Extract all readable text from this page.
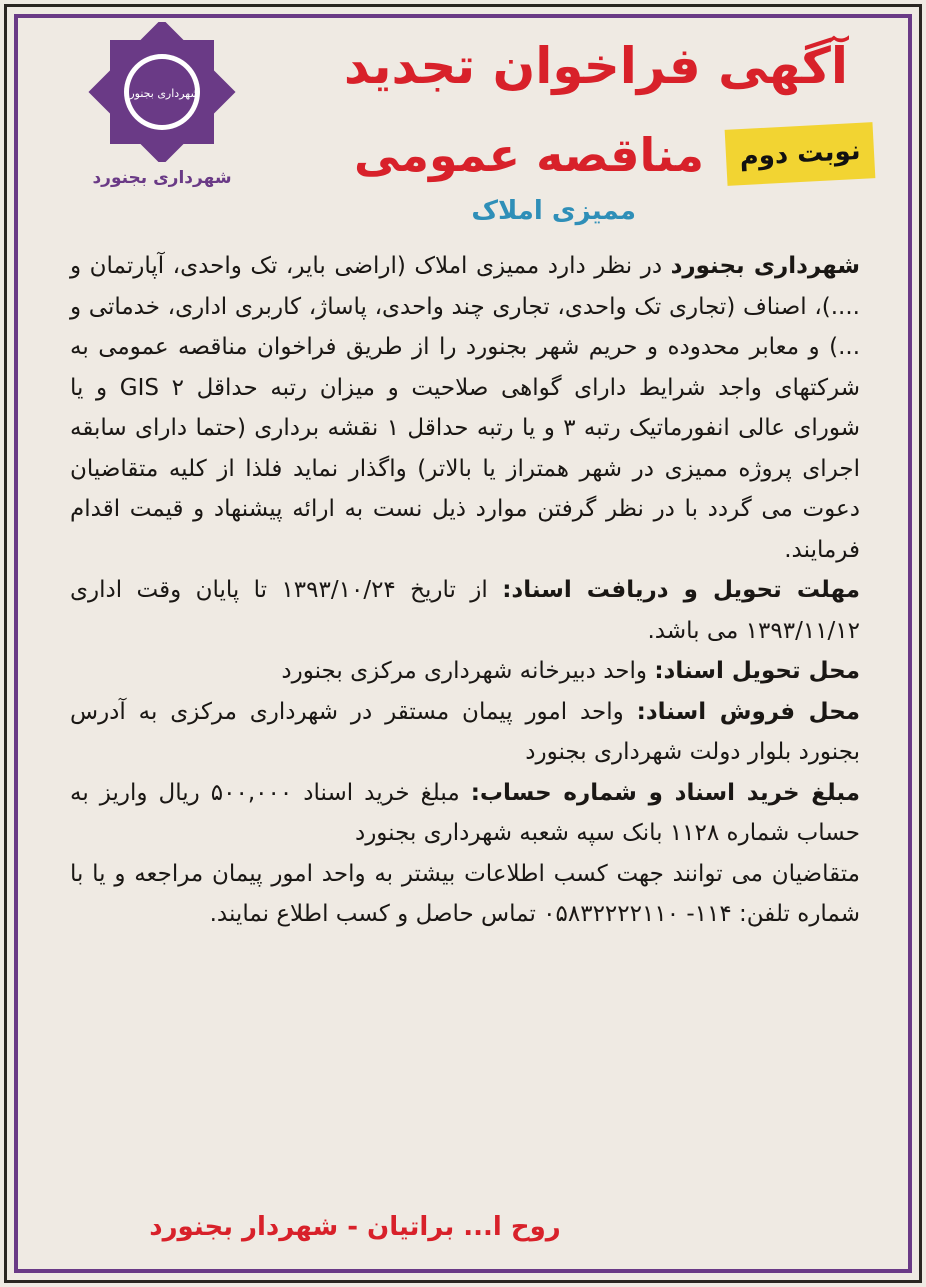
شهرداری بجنورد
شهرداری بجنورد
آگهی فراخوان تجدید
مناقصه عمومی	نوبت دوم
ممیزی املاک

شهرداری بجنورد در نظر دارد ممیزی املاک (اراضی بایر، تک واحدی، آپارتمان و ....)، اصناف (تجاری تک واحدی، تجاری چند واحدی، پاساژ، کاربری اداری، خدماتی و ...) و معابر محدوده و حریم شهر بجنورد را از طریق فراخوان مناقصه عمومی به شرکتهای واجد شرایط دارای گواهی صلاحیت و میزان رتبه حداقل ۲ GIS و یا شورای عالی انفورماتیک رتبه ۳ و یا رتبه حداقل ۱ نقشه برداری (حتما دارای سابقه اجرای پروژه ممیزی در شهر همتراز یا بالاتر) واگذار نماید فلذا از کلیه متقاضیان دعوت می گردد با در نظر گرفتن موارد ذیل نست به ارائه پیشنهاد و قیمت اقدام فرمایند.

مهلت تحویل و دریافت اسناد: از تاریخ ۱۳۹۳/۱۰/۲۴ تا پایان وقت اداری ۱۳۹۳/۱۱/۱۲ می باشد.

محل تحویل اسناد: واحد دبیرخانه شهرداری مرکزی بجنورد

محل فروش اسناد: واحد امور پیمان مستقر در شهرداری مرکزی به آدرس بجنورد بلوار دولت شهرداری بجنورد

مبلغ خرید اسناد و شماره حساب: مبلغ خرید اسناد ۵۰۰,۰۰۰ ریال واریز به حساب شماره ۱۱۲۸ بانک سپه شعبه شهرداری بجنورد

متقاضیان می توانند جهت کسب اطلاعات بیشتر به واحد امور پیمان مراجعه و یا با شماره تلفن: ۱۱۴- ۰۵۸۳۲۲۲۲۱۱۰ تماس حاصل و کسب اطلاع نمایند.

روح ا... براتیان - شهردار بجنورد
